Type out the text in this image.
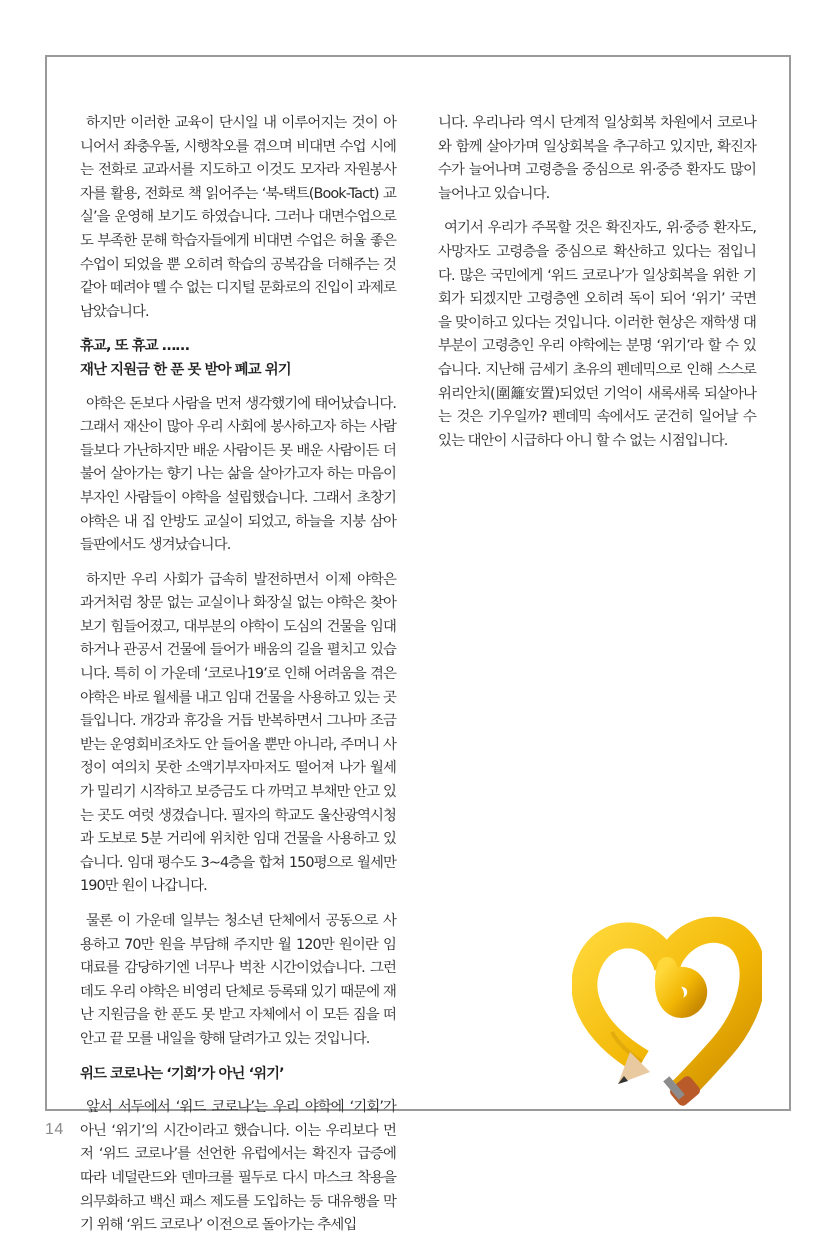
하지만 이러한 교육이 단시일 내 이루어지는 것이 아니어서 좌충우돌, 시행착오를 겪으며 비대면 수업 시에는 전화로 교과서를 지도하고 이것도 모자라 자원봉사자를 활용, 전화로 책 읽어주는 ‘북-택트(Book-Tact) 교실’을 운영해 보기도 하였습니다. 그러나 대면수업으로도 부족한 문해 학습자들에게 비대면 수업은 허울 좋은 수업이 되었을 뿐 오히려 학습의 공복감을 더해주는 것 같아 떼려야 뗄 수 없는 디지털 문화로의 진입이 과제로 남았습니다.

휴교, 또 휴교 ……
재난 지원금 한 푼 못 받아 폐교 위기

야학은 돈보다 사람을 먼저 생각했기에 태어났습니다. 그래서 재산이 많아 우리 사회에 봉사하고자 하는 사람들보다 가난하지만 배운 사람이든 못 배운 사람이든 더불어 살아가는 향기 나는 삶을 살아가고자 하는 마음이 부자인 사람들이 야학을 설립했습니다. 그래서 초창기 야학은 내 집 안방도 교실이 되었고, 하늘을 지붕 삼아 들판에서도 생겨났습니다.

하지만 우리 사회가 급속히 발전하면서 이제 야학은 과거처럼 창문 없는 교실이나 화장실 없는 야학은 찾아보기 힘들어졌고, 대부분의 야학이 도심의 건물을 임대하거나 관공서 건물에 들어가 배움의 길을 펼치고 있습니다. 특히 이 가운데 ‘코로나19’로 인해 어려움을 겪은 야학은 바로 월세를 내고 임대 건물을 사용하고 있는 곳들입니다. 개강과 휴강을 거듭 반복하면서 그나마 조금 받는 운영회비조차도 안 들어올 뿐만 아니라, 주머니 사정이 여의치 못한 소액기부자마저도 떨어져 나가 월세가 밀리기 시작하고 보증금도 다 까먹고 부채만 안고 있는 곳도 여럿 생겼습니다. 필자의 학교도 울산광역시청과 도보로 5분 거리에 위치한 임대 건물을 사용하고 있습니다. 임대 평수도 3~4층을 합쳐 150평으로 월세만 190만 원이 나갑니다.

물론 이 가운데 일부는 청소년 단체에서 공동으로 사용하고 70만 원을 부담해 주지만 월 120만 원이란 임대료를 감당하기엔 너무나 벅찬 시간이었습니다. 그런데도 우리 야학은 비영리 단체로 등록돼 있기 때문에 재난 지원금을 한 푼도 못 받고 자체에서 이 모든 짐을 떠안고 끝 모를 내일을 향해 달려가고 있는 것입니다.

위드 코로나는 ‘기회’가 아닌 ‘위기’

앞서 서두에서 ‘위드 코로나’는 우리 야학에 ‘기회’가 아닌 ‘위기’의 시간이라고 했습니다. 이는 우리보다 먼저 ‘위드 코로나’를 선언한 유럽에서는 확진자 급증에 따라 네덜란드와 덴마크를 필두로 다시 마스크 착용을 의무화하고 백신 패스 제도를 도입하는 등 대유행을 막기 위해 ‘위드 코로나’ 이전으로 돌아가는 추세입

니다. 우리나라 역시 단계적 일상회복 차원에서 코로나와 함께 살아가며 일상회복을 추구하고 있지만, 확진자 수가 늘어나며 고령층을 중심으로 위·중증 환자도 많이 늘어나고 있습니다.

여기서 우리가 주목할 것은 확진자도, 위·중증 환자도, 사망자도 고령층을 중심으로 확산하고 있다는 점입니다. 많은 국민에게 ‘위드 코로나’가 일상회복을 위한 기회가 되겠지만 고령층엔 오히려 독이 되어 ‘위기’ 국면을 맞이하고 있다는 것입니다. 이러한 현상은 재학생 대부분이 고령층인 우리 야학에는 분명 ‘위기’라 할 수 있습니다. 지난해 금세기 초유의 펜데믹으로 인해 스스로 위리안치(圍籬安置)되었던 기억이 새록새록 되살아나는 것은 기우일까? 펜데믹 속에서도 굳건히 일어날 수 있는 대안이 시급하다 아니 할 수 없는 시점입니다.

14
